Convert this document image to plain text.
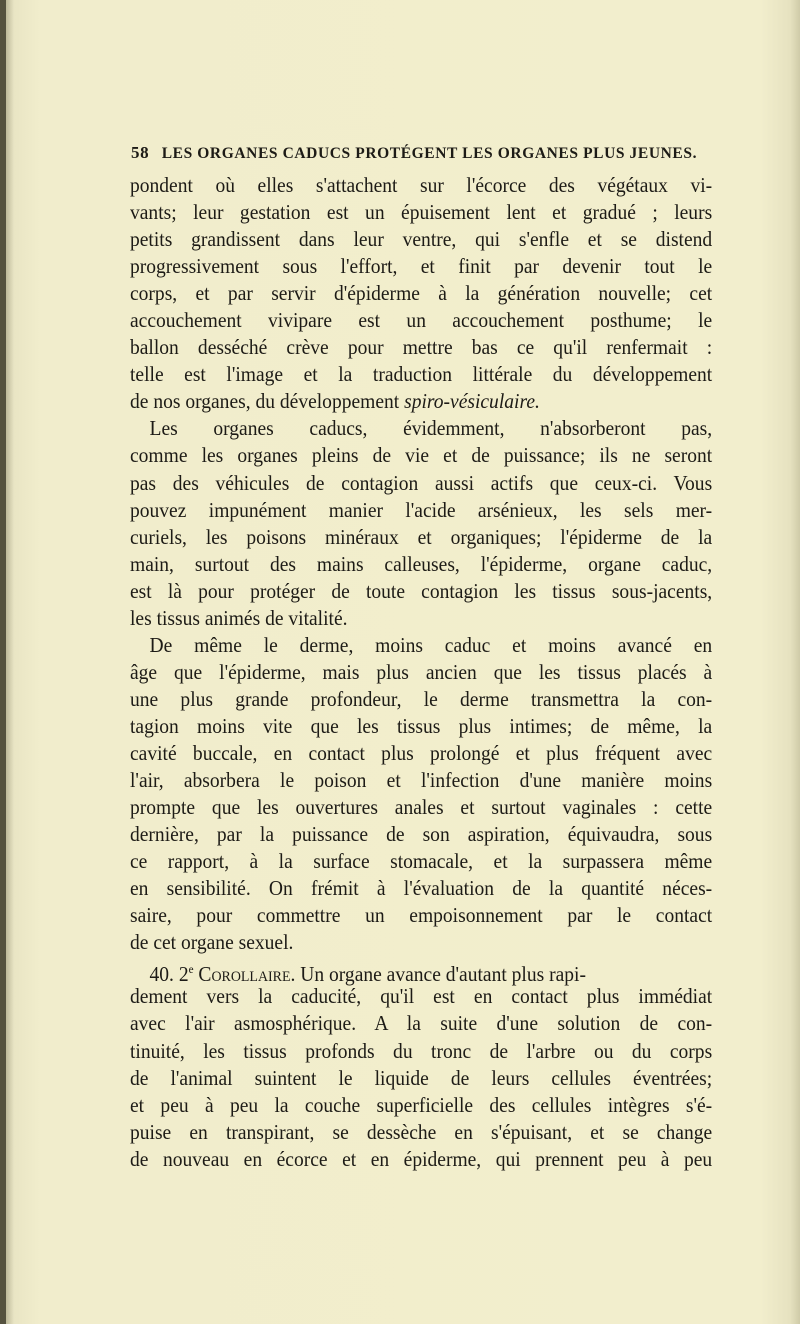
58 LES ORGANES CADUCS PROTÉGENT LES ORGANES PLUS JEUNES.
pondent où elles s'attachent sur l'écorce des végétaux vi-
vants; leur gestation est un épuisement lent et gradué ; leurs
petits grandissent dans leur ventre, qui s'enfle et se distend
progressivement sous l'effort, et finit par devenir tout le
corps, et par servir d'épiderme à la génération nouvelle; cet
accouchement vivipare est un accouchement posthume; le
ballon desséché crève pour mettre bas ce qu'il renfermait :
telle est l'image et la traduction littérale du développement
de nos organes, du développement spiro-vésiculaire.
Les organes caducs, évidemment, n'absorberont pas,
comme les organes pleins de vie et de puissance; ils ne seront
pas des véhicules de contagion aussi actifs que ceux-ci. Vous
pouvez impunément manier l'acide arsénieux, les sels mer-
curiels, les poisons minéraux et organiques; l'épiderme de la
main, surtout des mains calleuses, l'épiderme, organe caduc,
est là pour protéger de toute contagion les tissus sous-jacents,
les tissus animés de vitalité.
De même le derme, moins caduc et moins avancé en
âge que l'épiderme, mais plus ancien que les tissus placés à
une plus grande profondeur, le derme transmettra la con-
tagion moins vite que les tissus plus intimes; de même, la
cavité buccale, en contact plus prolongé et plus fréquent avec
l'air, absorbera le poison et l'infection d'une manière moins
prompte que les ouvertures anales et surtout vaginales : cette
dernière, par la puissance de son aspiration, équivaudra, sous
ce rapport, à la surface stomacale, et la surpassera même
en sensibilité. On frémit à l'évaluation de la quantité néces-
saire, pour commettre un empoisonnement par le contact
de cet organe sexuel.
40. 2e Corollaire. Un organe avance d'autant plus rapi-
dement vers la caducité, qu'il est en contact plus immédiat
avec l'air asmosphérique. A la suite d'une solution de con-
tinuité, les tissus profonds du tronc de l'arbre ou du corps
de l'animal suintent le liquide de leurs cellules éventrées;
et peu à peu la couche superficielle des cellules intègres s'é-
puise en transpirant, se dessèche en s'épuisant, et se change
de nouveau en écorce et en épiderme, qui prennent peu à peu
